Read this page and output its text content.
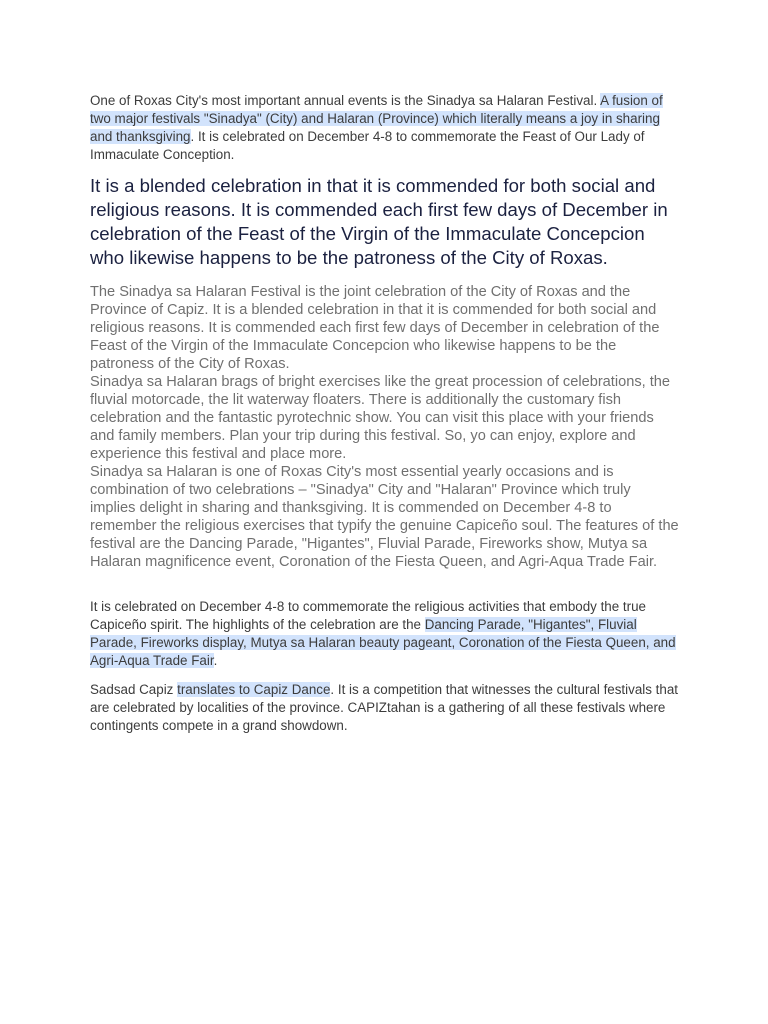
One of Roxas City's most important annual events is the Sinadya sa Halaran Festival. A fusion of two major festivals "Sinadya" (City) and Halaran (Province) which literally means a joy in sharing and thanksgiving. It is celebrated on December 4-8 to commemorate the Feast of Our Lady of Immaculate Conception.

It is a blended celebration in that it is commended for both social and religious reasons. It is commended each first few days of December in celebration of the Feast of the Virgin of the Immaculate Concepcion who likewise happens to be the patroness of the City of Roxas.

The Sinadya sa Halaran Festival is the joint celebration of the City of Roxas and the Province of Capiz. It is a blended celebration in that it is commended for both social and religious reasons. It is commended each first few days of December in celebration of the Feast of the Virgin of the Immaculate Concepcion who likewise happens to be the patroness of the City of Roxas.

Sinadya sa Halaran brags of bright exercises like the great procession of celebrations, the fluvial motorcade, the lit waterway floaters. There is additionally the customary fish celebration and the fantastic pyrotechnic show. You can visit this place with your friends and family members. Plan your trip during this festival. So, yo can enjoy, explore and experience this festival and place more.

Sinadya sa Halaran is one of Roxas City's most essential yearly occasions and is combination of two celebrations – "Sinadya" City and "Halaran" Province which truly implies delight in sharing and thanksgiving. It is commended on December 4-8 to remember the religious exercises that typify the genuine Capiceño soul. The features of the festival are the Dancing Parade, "Higantes", Fluvial Parade, Fireworks show, Mutya sa Halaran magnificence event, Coronation of the Fiesta Queen, and Agri-Aqua Trade Fair.

It is celebrated on December 4-8 to commemorate the religious activities that embody the true Capiceño spirit. The highlights of the celebration are the Dancing Parade, "Higantes", Fluvial Parade, Fireworks display, Mutya sa Halaran beauty pageant, Coronation of the Fiesta Queen, and Agri-Aqua Trade Fair.

Sadsad Capiz translates to Capiz Dance. It is a competition that witnesses the cultural festivals that are celebrated by localities of the province. CAPIZtahan is a gathering of all these festivals where contingents compete in a grand showdown.
